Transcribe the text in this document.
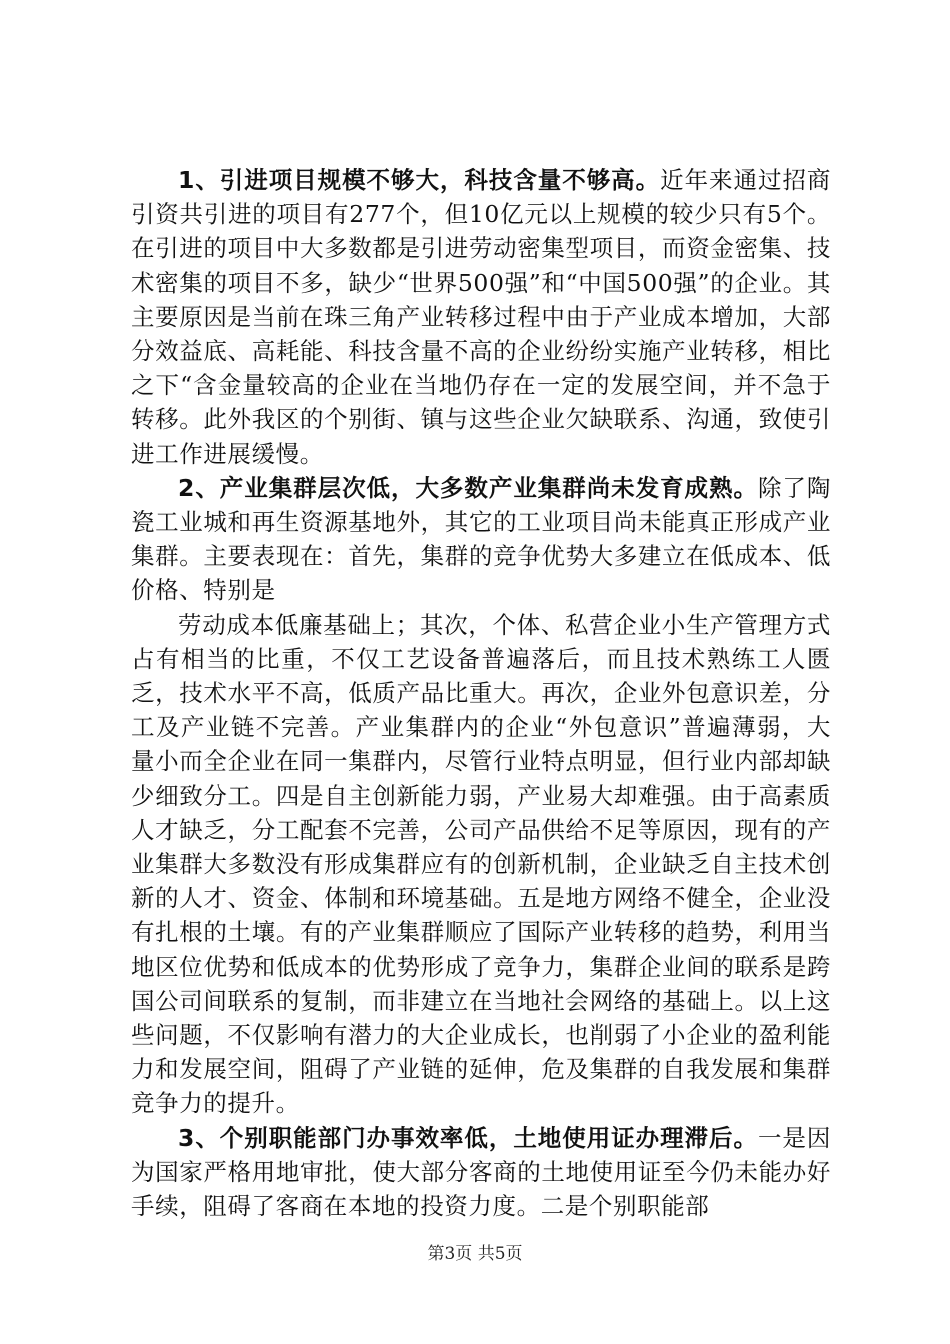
1、引进项目规模不够大，科技含量不够高。近年来通过招商引资共引进的项目有277个，但10亿元以上规模的较少只有5个。在引进的项目中大多数都是引进劳动密集型项目，而资金密集、技术密集的项目不多，缺少“世界500强”和“中国500强”的企业。其主要原因是当前在珠三角产业转移过程中由于产业成本增加，大部分效益底、高耗能、科技含量不高的企业纷纷实施产业转移，相比之下“含金量较高的企业在当地仍存在一定的发展空间，并不急于转移。此外我区的个别街、镇与这些企业欠缺联系、沟通，致使引进工作进展缓慢。

2、产业集群层次低，大多数产业集群尚未发育成熟。除了陶瓷工业城和再生资源基地外，其它的工业项目尚未能真正形成产业集群。主要表现在：首先，集群的竞争优势大多建立在低成本、低价格、特别是

劳动成本低廉基础上；其次，个体、私营企业小生产管理方式占有相当的比重，不仅工艺设备普遍落后，而且技术熟练工人匮乏，技术水平不高，低质产品比重大。再次，企业外包意识差，分工及产业链不完善。产业集群内的企业“外包意识”普遍薄弱，大量小而全企业在同一集群内，尽管行业特点明显，但行业内部却缺少细致分工。四是自主创新能力弱，产业易大却难强。由于高素质人才缺乏，分工配套不完善，公司产品供给不足等原因，现有的产业集群大多数没有形成集群应有的创新机制，企业缺乏自主技术创新的人才、资金、体制和环境基础。五是地方网络不健全，企业没有扎根的土壤。有的产业集群顺应了国际产业转移的趋势，利用当地区位优势和低成本的优势形成了竞争力，集群企业间的联系是跨国公司间联系的复制，而非建立在当地社会网络的基础上。以上这些问题，不仅影响有潜力的大企业成长，也削弱了小企业的盈利能力和发展空间，阻碍了产业链的延伸，危及集群的自我发展和集群竞争力的提升。

3、个别职能部门办事效率低，土地使用证办理滞后。一是因为国家严格用地审批，使大部分客商的土地使用证至今仍未能办好手续，阻碍了客商在本地的投资力度。二是个别职能部

第3页 共5页
